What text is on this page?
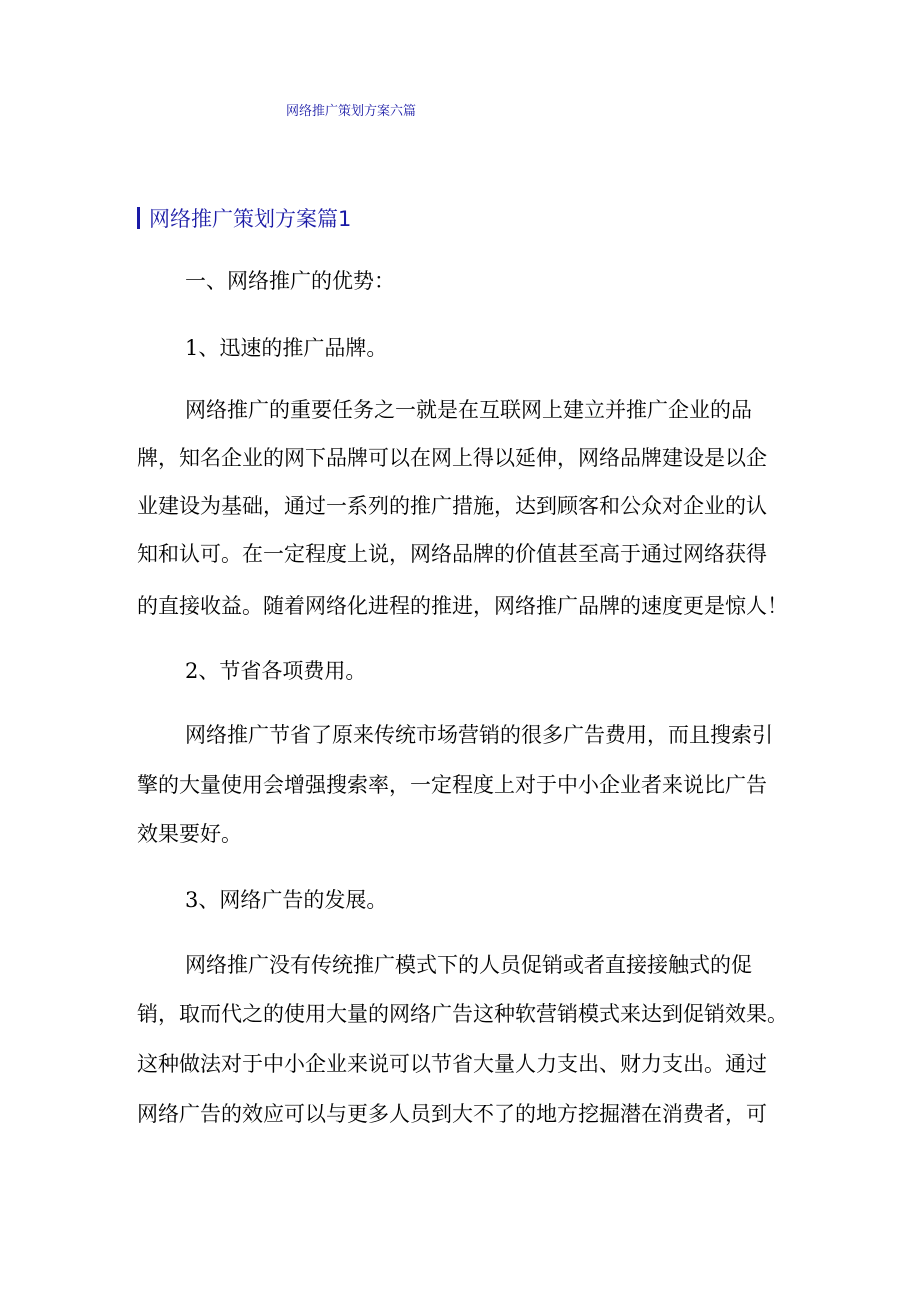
网络推广策划方案六篇
网络推广策划方案篇1
一、网络推广的优势：
1、迅速的推广品牌。
网络推广的重要任务之一就是在互联网上建立并推广企业的品
牌，知名企业的网下品牌可以在网上得以延伸，网络品牌建设是以企
业建设为基础，通过一系列的推广措施，达到顾客和公众对企业的认
知和认可。在一定程度上说，网络品牌的价值甚至高于通过网络获得
的直接收益。随着网络化进程的推进，网络推广品牌的速度更是惊人！
2、节省各项费用。
网络推广节省了原来传统市场营销的很多广告费用，而且搜索引
擎的大量使用会增强搜索率，一定程度上对于中小企业者来说比广告
效果要好。
3、网络广告的发展。
网络推广没有传统推广模式下的人员促销或者直接接触式的促
销，取而代之的使用大量的网络广告这种软营销模式来达到促销效果。
这种做法对于中小企业来说可以节省大量人力支出、财力支出。通过
网络广告的效应可以与更多人员到大不了的地方挖掘潜在消费者，可
